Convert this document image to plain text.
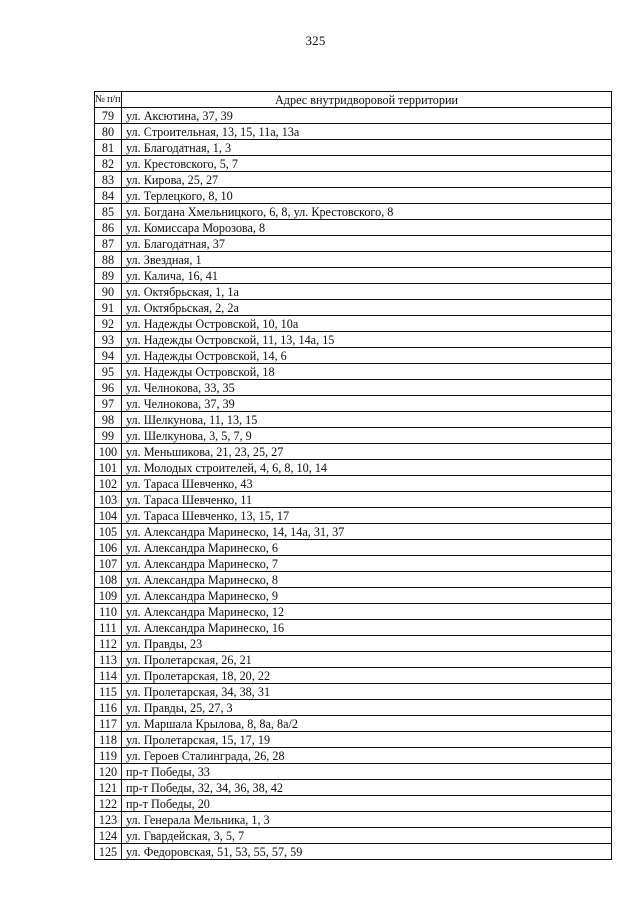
325
№ п/п	Адрес внутридворовой территории
79	ул. Аксютина, 37, 39
80	ул. Строительная, 13, 15, 11а, 13а
81	ул. Благодатная, 1, 3
82	ул. Крестовского, 5, 7
83	ул. Кирова, 25, 27
84	ул. Терлецкого, 8, 10
85	ул. Богдана Хмельницкого, 6, 8, ул. Крестовского, 8
86	ул. Комиссара Морозова, 8
87	ул. Благодатная, 37
88	ул. Звездная, 1
89	ул. Калича, 16, 41
90	ул. Октябрьская, 1, 1а
91	ул. Октябрьская, 2, 2а
92	ул. Надежды Островской, 10, 10а
93	ул. Надежды Островской, 11, 13, 14а, 15
94	ул. Надежды Островской, 14, 6
95	ул. Надежды Островской, 18
96	ул. Челнокова, 33, 35
97	ул. Челнокова, 37, 39
98	ул. Шелкунова, 11, 13, 15
99	ул. Шелкунова, 3, 5, 7, 9
100	ул. Меньшикова, 21, 23, 25, 27
101	ул. Молодых строителей, 4, 6, 8, 10, 14
102	ул. Тараса Шевченко, 43
103	ул. Тараса Шевченко, 11
104	ул. Тараса Шевченко, 13, 15, 17
105	ул. Александра Маринеско, 14, 14а, 31, 37
106	ул. Александра Маринеско, 6
107	ул. Александра Маринеско, 7
108	ул. Александра Маринеско, 8
109	ул. Александра Маринеско, 9
110	ул. Александра Маринеско, 12
111	ул. Александра Маринеско, 16
112	ул. Правды, 23
113	ул. Пролетарская, 26, 21
114	ул. Пролетарская, 18, 20, 22
115	ул. Пролетарская, 34, 38, 31
116	ул. Правды, 25, 27, 3
117	ул. Маршала Крылова, 8, 8а, 8а/2
118	ул. Пролетарская, 15, 17, 19
119	ул. Героев Сталинграда, 26, 28
120	пр-т Победы, 33
121	пр-т Победы, 32, 34, 36, 38, 42
122	пр-т Победы, 20
123	ул. Генерала Мельника, 1, 3
124	ул. Гвардейская, 3, 5, 7
125	ул. Федоровская, 51, 53, 55, 57, 59
